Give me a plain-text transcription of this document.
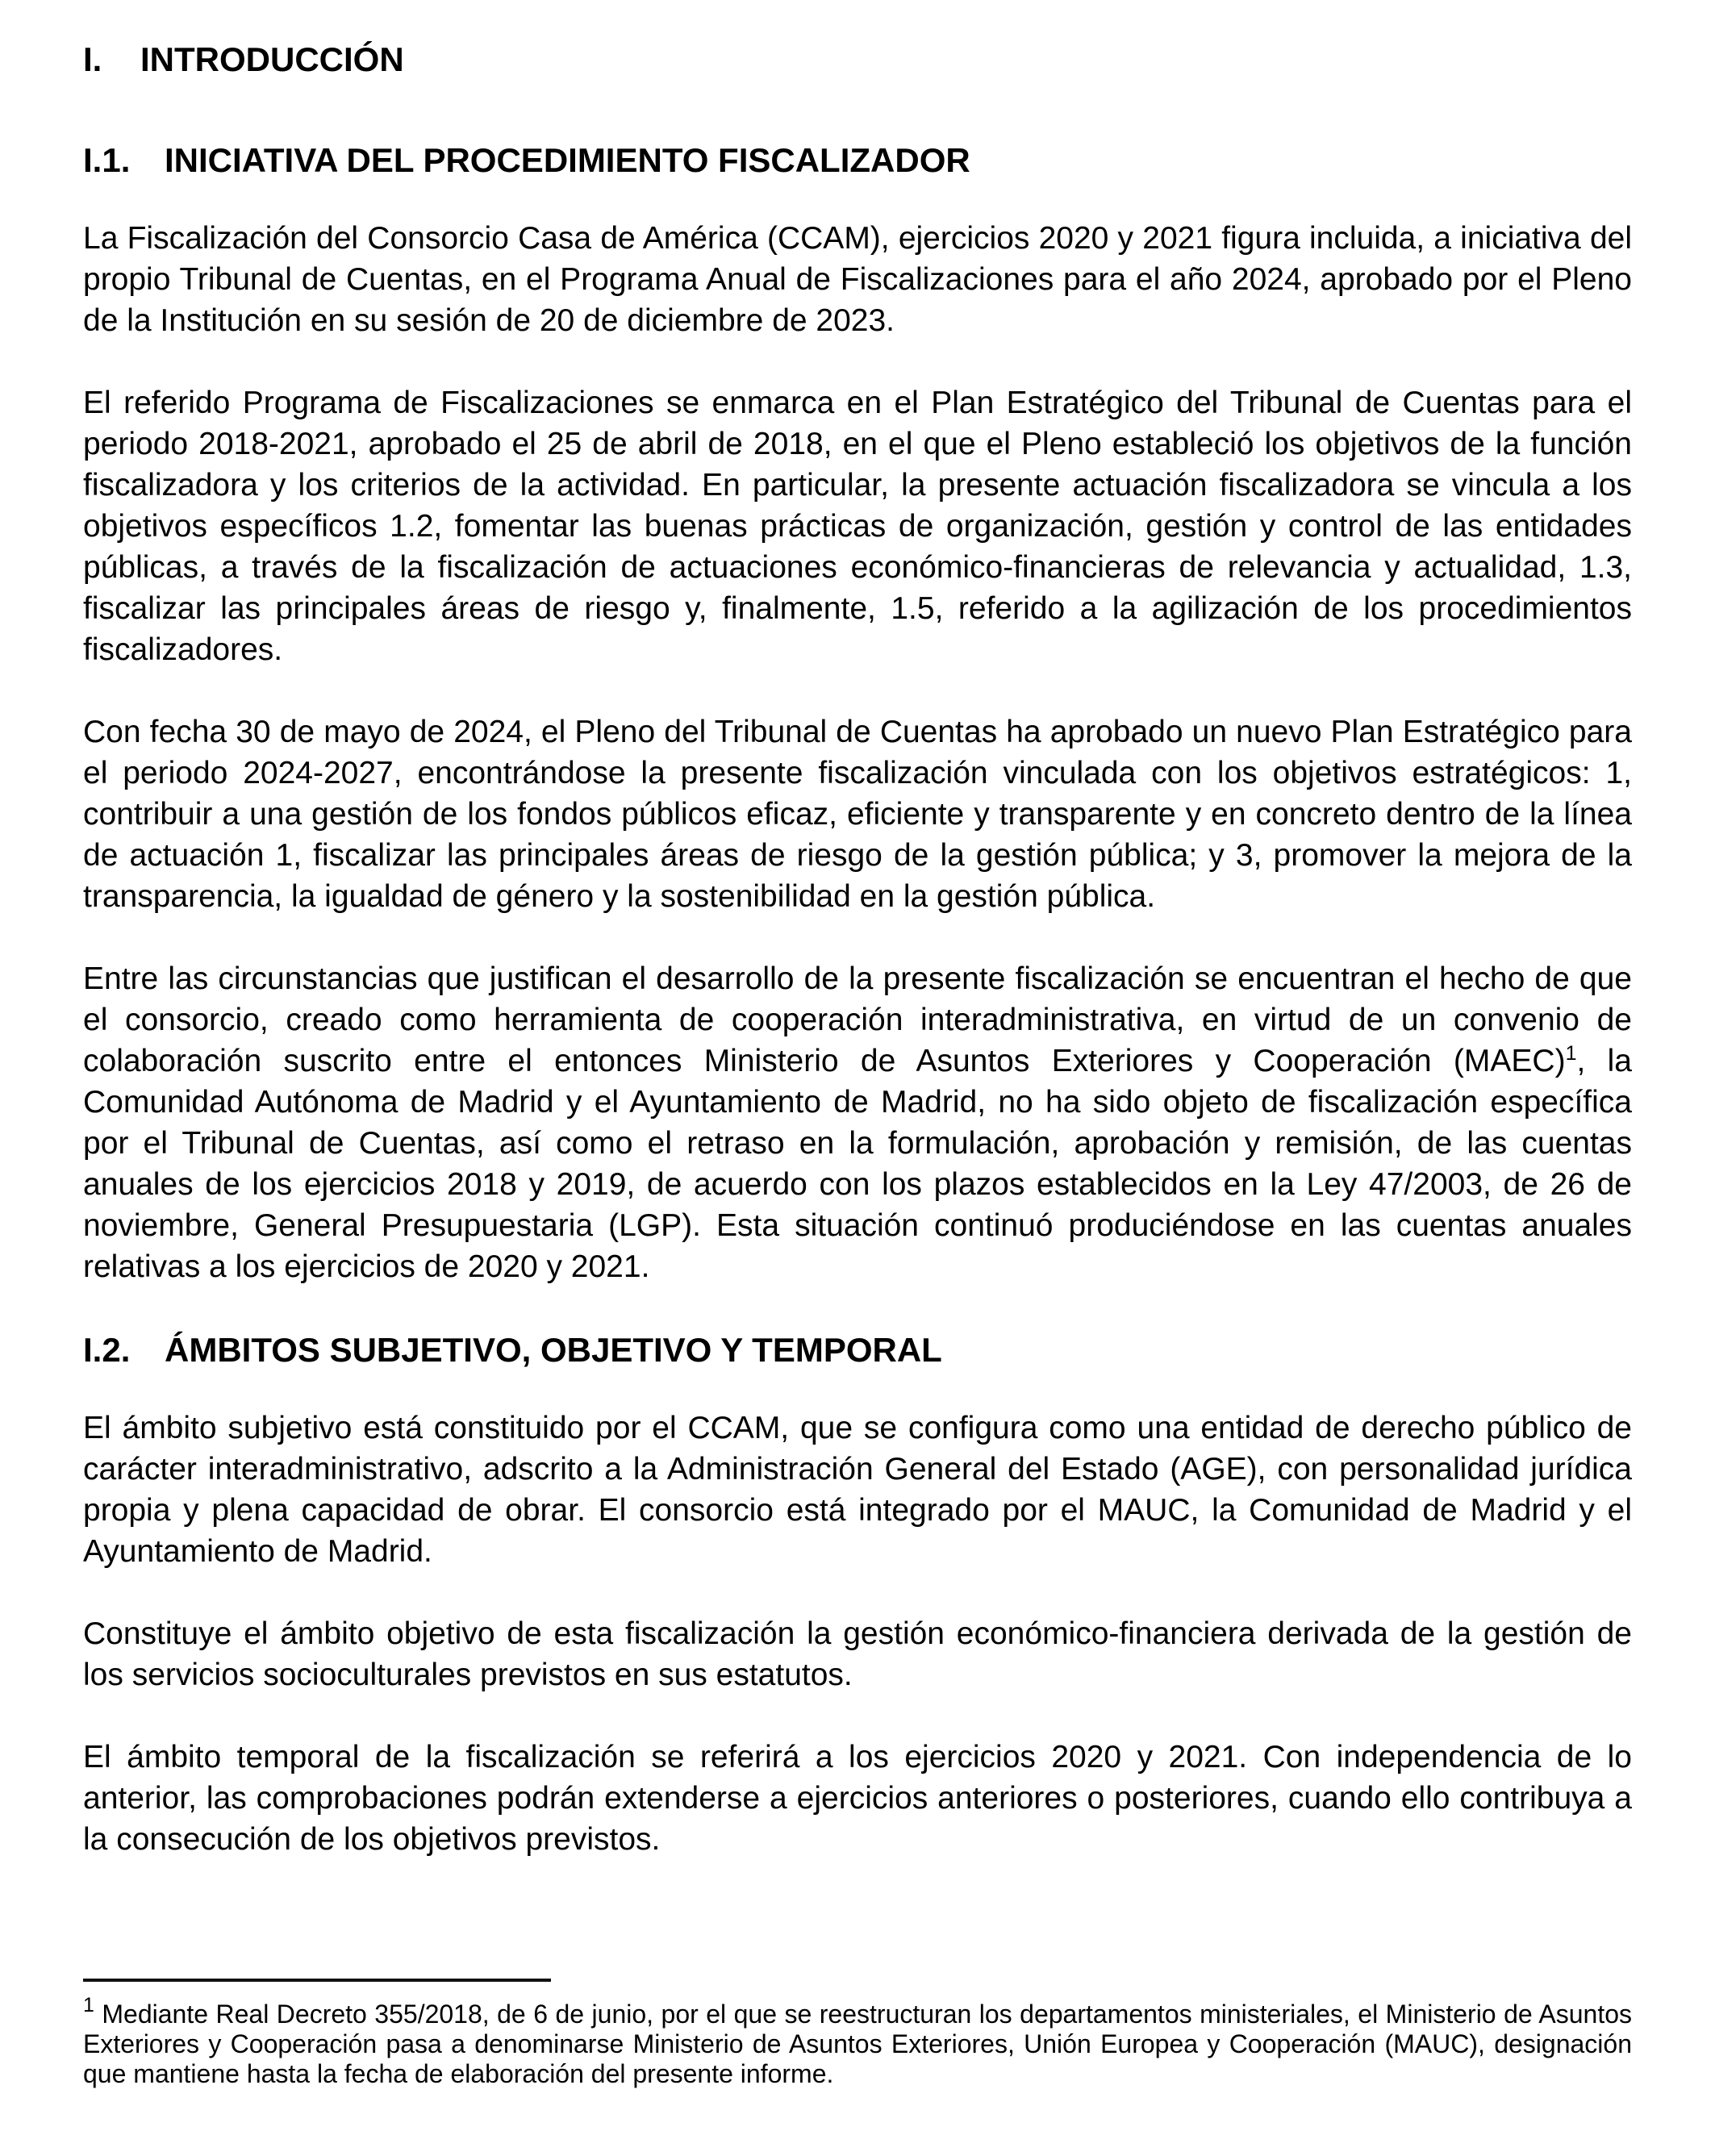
I. INTRODUCCIÓN
I.1. INICIATIVA DEL PROCEDIMIENTO FISCALIZADOR

La Fiscalización del Consorcio Casa de América (CCAM), ejercicios 2020 y 2021 figura incluida, a iniciativa del propio Tribunal de Cuentas, en el Programa Anual de Fiscalizaciones para el año 2024, aprobado por el Pleno de la Institución en su sesión de 20 de diciembre de 2023.

El referido Programa de Fiscalizaciones se enmarca en el Plan Estratégico del Tribunal de Cuentas para el periodo 2018-2021, aprobado el 25 de abril de 2018, en el que el Pleno estableció los objetivos de la función fiscalizadora y los criterios de la actividad. En particular, la presente actuación fiscalizadora se vincula a los objetivos específicos 1.2, fomentar las buenas prácticas de organización, gestión y control de las entidades públicas, a través de la fiscalización de actuaciones económico-financieras de relevancia y actualidad, 1.3, fiscalizar las principales áreas de riesgo y, finalmente, 1.5, referido a la agilización de los procedimientos fiscalizadores.

Con fecha 30 de mayo de 2024, el Pleno del Tribunal de Cuentas ha aprobado un nuevo Plan Estratégico para el periodo 2024-2027, encontrándose la presente fiscalización vinculada con los objetivos estratégicos: 1, contribuir a una gestión de los fondos públicos eficaz, eficiente y transparente y en concreto dentro de la línea de actuación 1, fiscalizar las principales áreas de riesgo de la gestión pública; y 3, promover la mejora de la transparencia, la igualdad de género y la sostenibilidad en la gestión pública.

Entre las circunstancias que justifican el desarrollo de la presente fiscalización se encuentran el hecho de que el consorcio, creado como herramienta de cooperación interadministrativa, en virtud de un convenio de colaboración suscrito entre el entonces Ministerio de Asuntos Exteriores y Cooperación (MAEC)$^1$, la Comunidad Autónoma de Madrid y el Ayuntamiento de Madrid, no ha sido objeto de fiscalización específica por el Tribunal de Cuentas, así como el retraso en la formulación, aprobación y remisión, de las cuentas anuales de los ejercicios 2018 y 2019, de acuerdo con los plazos establecidos en la Ley 47/2003, de 26 de noviembre, General Presupuestaria (LGP). Esta situación continuó produciéndose en las cuentas anuales relativas a los ejercicios de 2020 y 2021.

I.2. ÁMBITOS SUBJETIVO, OBJETIVO Y TEMPORAL

El ámbito subjetivo está constituido por el CCAM, que se configura como una entidad de derecho público de carácter interadministrativo, adscrito a la Administración General del Estado (AGE), con personalidad jurídica propia y plena capacidad de obrar. El consorcio está integrado por el MAUC, la Comunidad de Madrid y el Ayuntamiento de Madrid.

Constituye el ámbito objetivo de esta fiscalización la gestión económico-financiera derivada de la gestión de los servicios socioculturales previstos en sus estatutos.

El ámbito temporal de la fiscalización se referirá a los ejercicios 2020 y 2021. Con independencia de lo anterior, las comprobaciones podrán extenderse a ejercicios anteriores o posteriores, cuando ello contribuya a la consecución de los objetivos previstos.

$^1$ Mediante Real Decreto 355/2018, de 6 de junio, por el que se reestructuran los departamentos ministeriales, el Ministerio de Asuntos Exteriores y Cooperación pasa a denominarse Ministerio de Asuntos Exteriores, Unión Europea y Cooperación (MAUC), designación que mantiene hasta la fecha de elaboración del presente informe.
